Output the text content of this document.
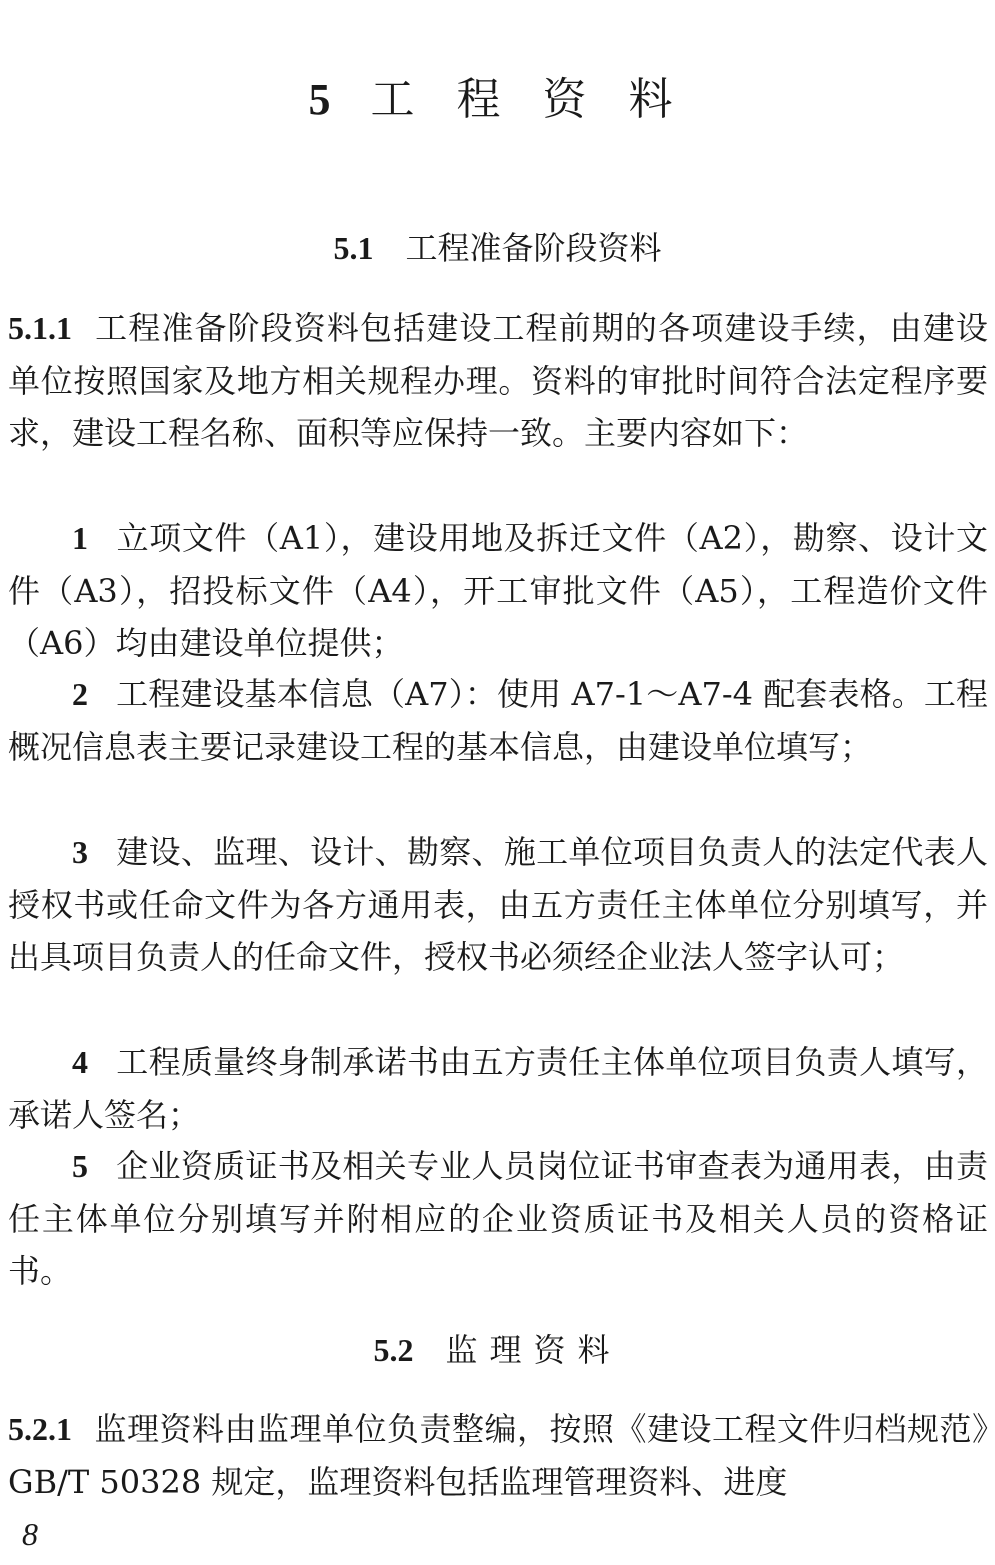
5 工 程 资 料
5.1 工程准备阶段资料

5.1.1 工程准备阶段资料包括建设工程前期的各项建设手续，由建设单位按照国家及地方相关规程办理。资料的审批时间符合法定程序要求，建设工程名称、面积等应保持一致。主要内容如下：

1 立项文件（A1），建设用地及拆迁文件（A2），勘察、设计文件（A3），招投标文件（A4），开工审批文件（A5），工程造价文件（A6）均由建设单位提供；

2 工程建设基本信息（A7）：使用 A7-1～A7-4 配套表格。工程概况信息表主要记录建设工程的基本信息，由建设单位填写；

3 建设、监理、设计、勘察、施工单位项目负责人的法定代表人授权书或任命文件为各方通用表，由五方责任主体单位分别填写，并出具项目负责人的任命文件，授权书必须经企业法人签字认可；

4 工程质量终身制承诺书由五方责任主体单位项目负责人填写，承诺人签名；

5 企业资质证书及相关专业人员岗位证书审查表为通用表，由责任主体单位分别填写并附相应的企业资质证书及相关人员的资格证书。

5.2 监理资料

5.2.1 监理资料由监理单位负责整编，按照《建设工程文件归档规范》GB/T 50328 规定，监理资料包括监理管理资料、进度

8
